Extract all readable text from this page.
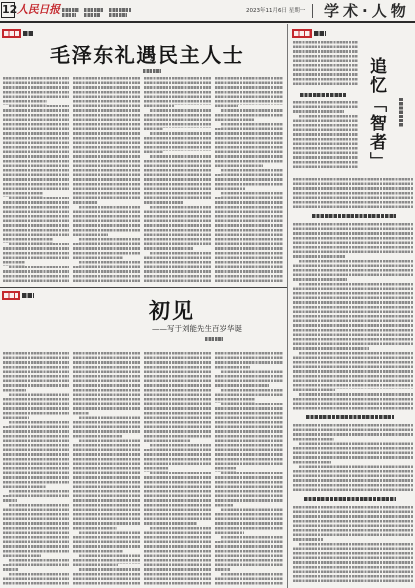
12 人民日报	2023年11月6日 星期一 学术·人物
毛泽东礼遇民主人士
初见
——写于刘能先生百岁华诞
追忆「智者」
